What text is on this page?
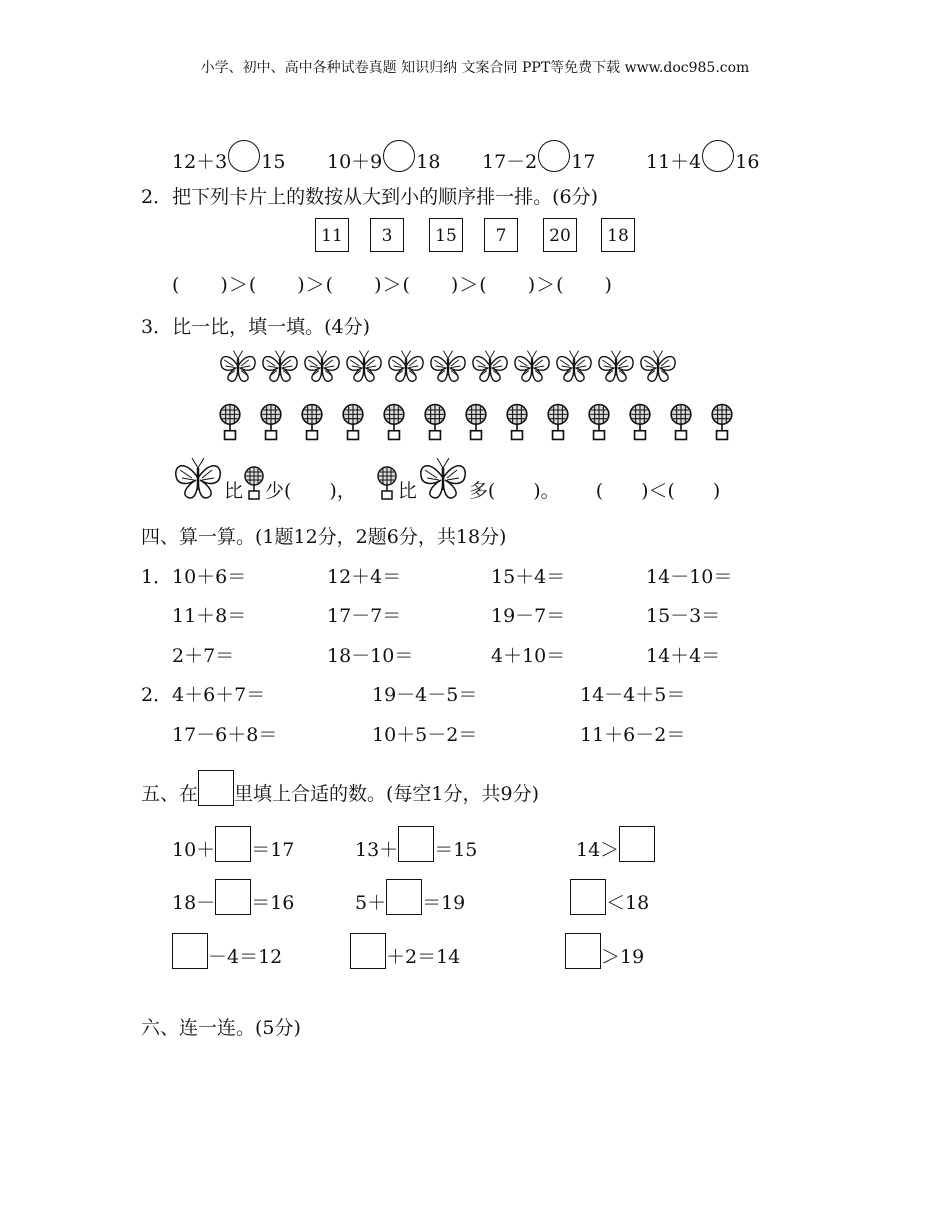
小学、初中、高中各种试卷真题 知识归纳 文案合同 PPT等免费下载 www.doc985.com
12＋3 15 10＋9 18 17－2 17	11＋4 16
2．把下列卡片上的数按从大到小的顺序排一排。(6分)
11	3	15	7	20	18
(　　)＞(　　)＞(　　)＞(　　)＞(　　)＞(　　)
3．比一比，填一填。(4分)
比 少(　　)， 比	多(　　)。 (　　)＜(　　)
四、算一算。(1题12分，2题6分，共18分)
1． 10＋6＝	12＋4＝	15＋4＝	14－10＝
11＋8＝	17－7＝	19－7＝	15－3＝
2＋7＝	18－10＝	4＋10＝	14＋4＝
2． 4＋6＋7＝	19－4－5＝	14－4＋5＝
17－6＋8＝	10＋5－2＝	11＋6－2＝
五、在 里填上合适的数。(每空1分，共9分)
10＋ ＝17	13＋ ＝15	14＞
18－ ＝16	5＋ ＝19	＜18
－4＝12	＋2＝14	＞19
六、连一连。(5分)
